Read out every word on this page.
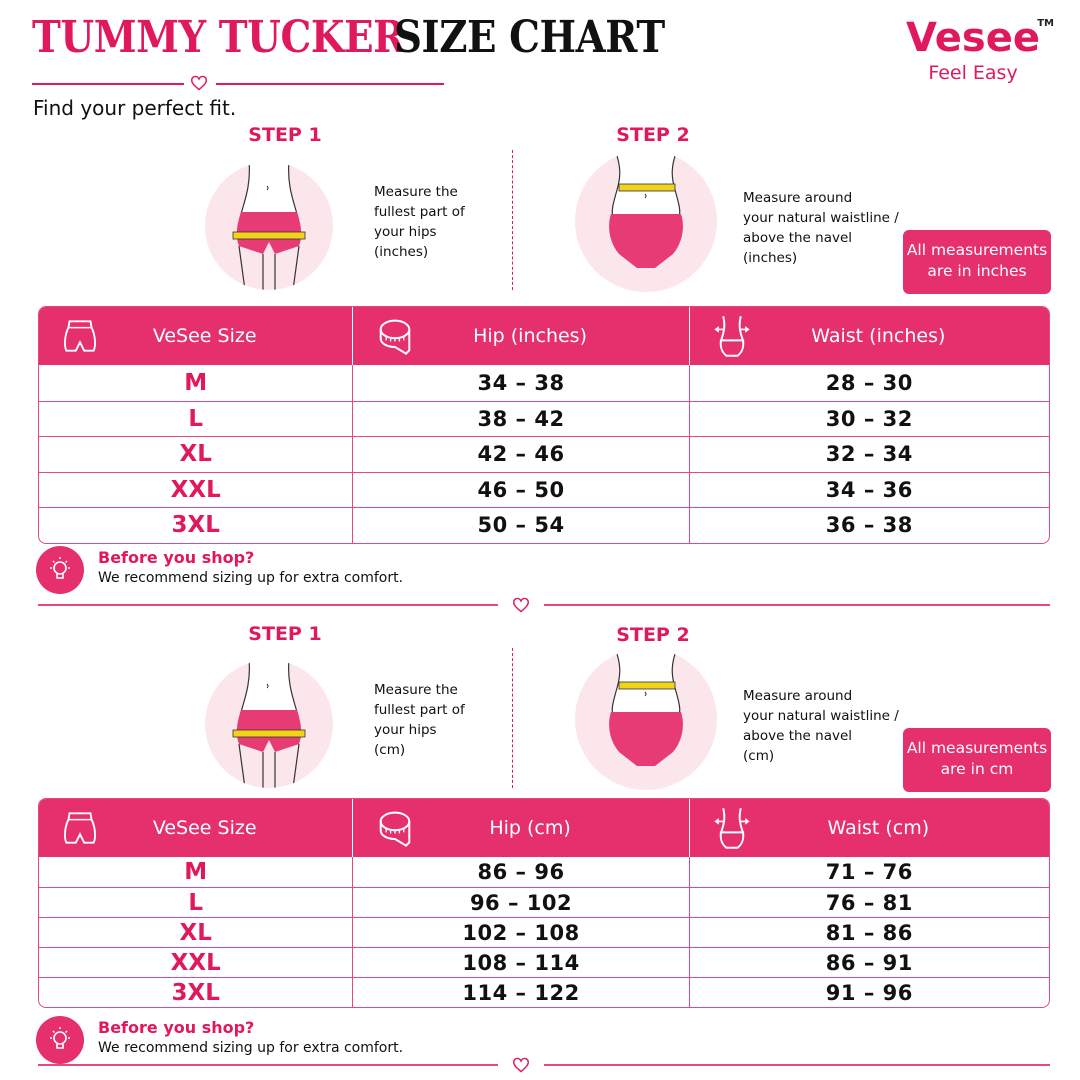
TUMMY TUCKER
SIZE CHART	Vesee
TM
Feel Easy
Find your perfect fit.
STEP 1
Measure the
fullest part of
your hips
(inches)
STEP 2
Measure around
your natural waistline /
above the navel
(inches)	All measurements
are in inches
VeSee Size	Hip (inches)	Waist (inches)
M	34 – 38	28 – 30
L	38 – 42	30 – 32
XL	42 – 46	32 – 34
XXL	46 – 50	34 – 36
3XL	50 – 54	36 – 38
Before you shop?
We recommend sizing up for extra comfort.
STEP 1
Measure the
fullest part of
your hips
(cm)
STEP 2
Measure around
your natural waistline /
above the navel
(cm)	All measurements
are in cm
VeSee Size	Hip (cm)	Waist (cm)
M	86 – 96	71 – 76
L	96 – 102	76 – 81
XL	102 – 108	81 – 86
XXL	108 – 114	86 – 91
3XL	114 – 122	91 – 96
Before you shop?
We recommend sizing up for extra comfort.
